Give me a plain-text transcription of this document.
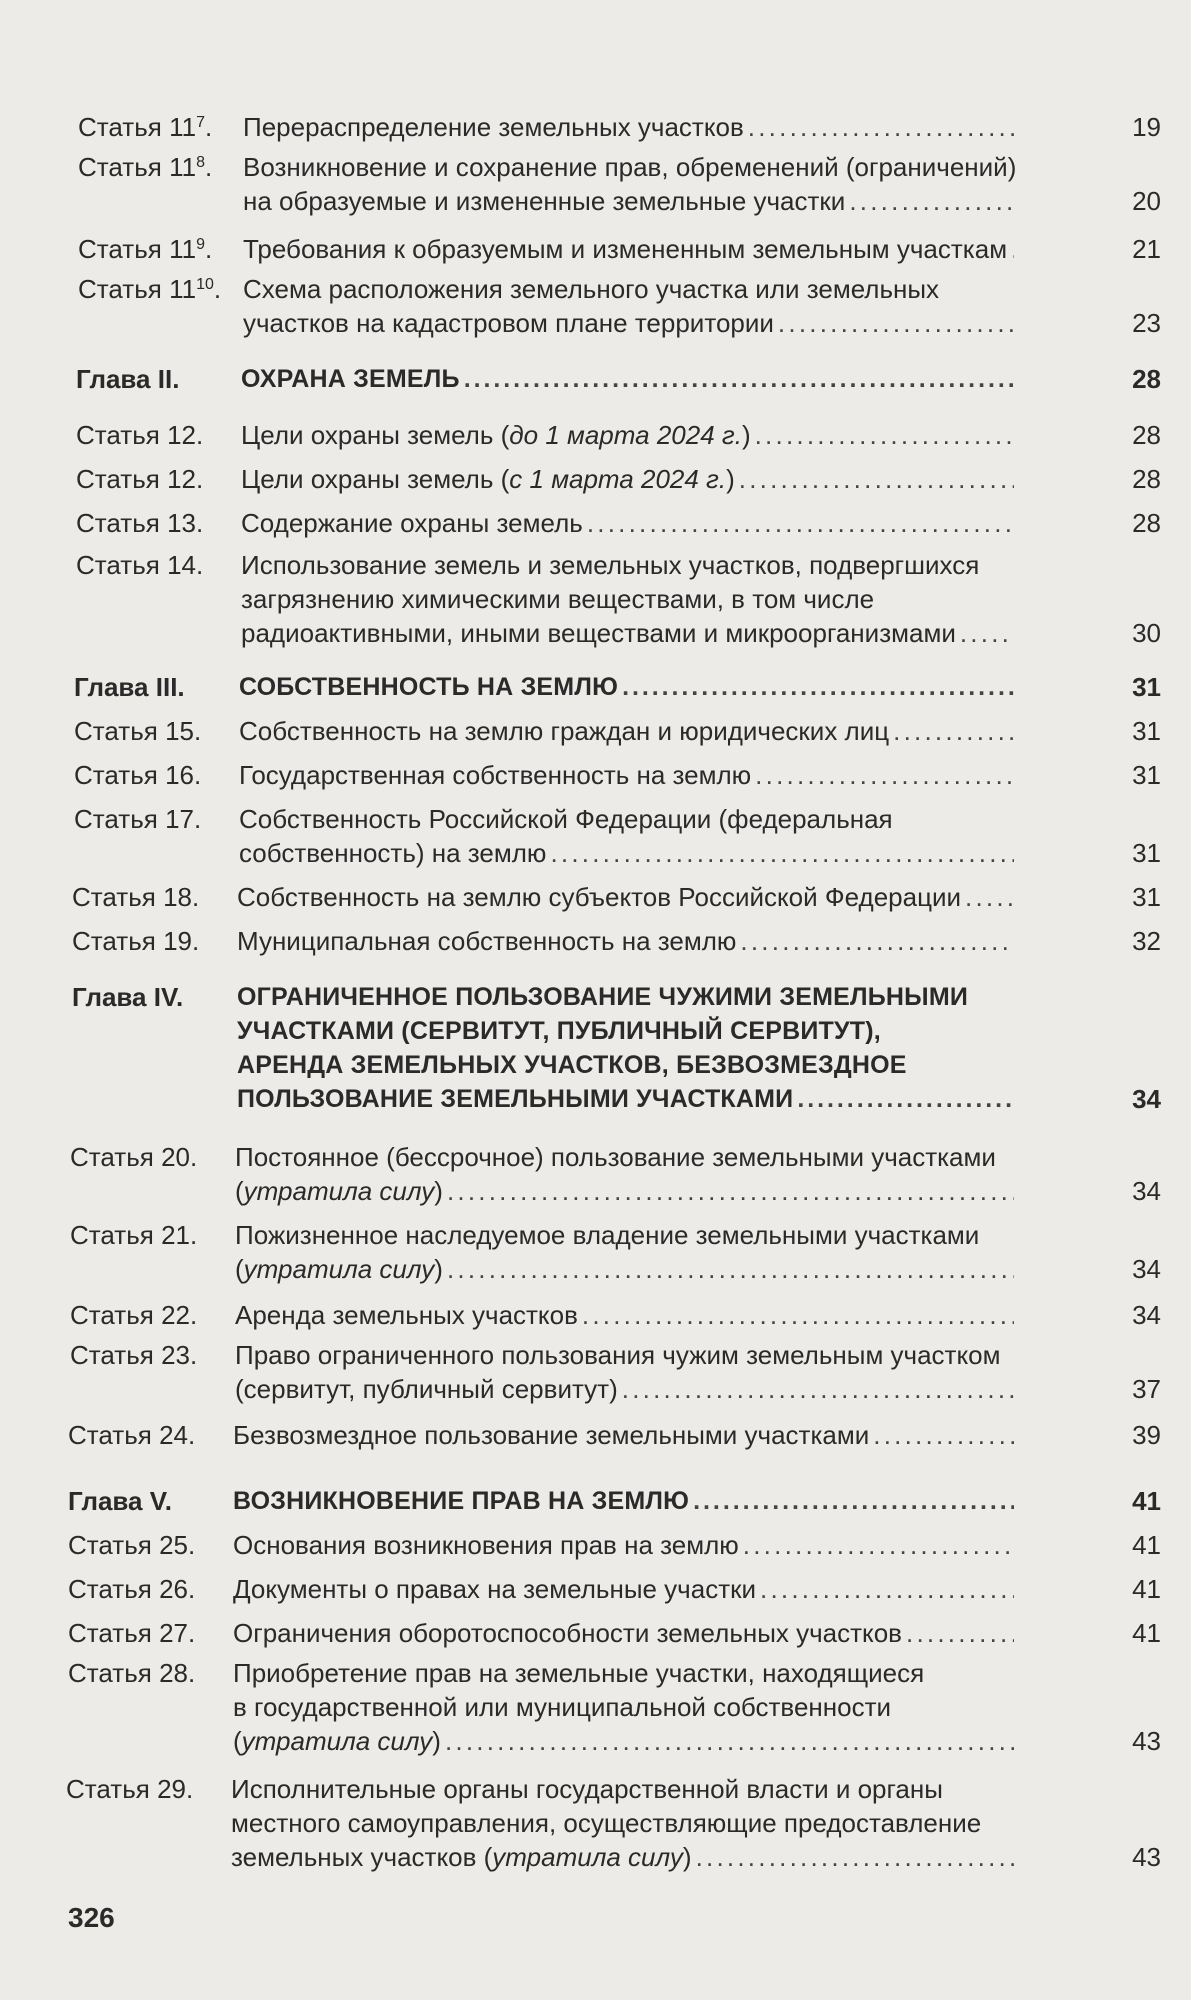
Статья $11^7$. Перераспределение земельных участков . . .	19
Статья $11^8$. Возникновение и сохранение прав, обременений (ограничений)
на образуемые и измененные земельные участки . . .	20
Статья $11^9$. Требования к образуемым и измененным земельным участкам . . .	21
Статья $11^{10}$. Схема расположения земельного участка или земельных
участков на кадастровом плане территории . . .	23
Глава II. ОХРАНА ЗЕМЕЛЬ . . .	28
Статья 12. Цели охраны земель (до 1 марта 2024 г.) . . .	28
Статья 12. Цели охраны земель (с 1 марта 2024 г.) . . .	28
Статья 13. Содержание охраны земель . . .	28
Статья 14. Использование земель и земельных участков, подвергшихся
загрязнению химическими веществами, в том числе
радиоактивными, иными веществами и микроорганизмами . . .	30
Глава III. СОБСТВЕННОСТЬ НА ЗЕМЛЮ . . .	31
Статья 15. Собственность на землю граждан и юридических лиц . . .	31
Статья 16. Государственная собственность на землю . . .	31
Статья 17. Собственность Российской Федерации (федеральная
собственность) на землю . . .	31
Статья 18. Собственность на землю субъектов Российской Федерации . . .	31
Статья 19. Муниципальная собственность на землю . . .	32
Глава IV. ОГРАНИЧЕННОЕ ПОЛЬЗОВАНИЕ ЧУЖИМИ ЗЕМЕЛЬНЫМИ
УЧАСТКАМИ (СЕРВИТУТ, ПУБЛИЧНЫЙ СЕРВИТУТ),
АРЕНДА ЗЕМЕЛЬНЫХ УЧАСТКОВ, БЕЗВОЗМЕЗДНОЕ
ПОЛЬЗОВАНИЕ ЗЕМЕЛЬНЫМИ УЧАСТКАМИ . . .	34
Статья 20. Постоянное (бессрочное) пользование земельными участками
(утратила силу) . . .	34
Статья 21. Пожизненное наследуемое владение земельными участками
(утратила силу) . . .	34
Статья 22. Аренда земельных участков . . .	34
Статья 23. Право ограниченного пользования чужим земельным участком
(сервитут, публичный сервитут) . . .	37
Статья 24. Безвозмездное пользование земельными участками . . .	39
Глава V. ВОЗНИКНОВЕНИЕ ПРАВ НА ЗЕМЛЮ . . .	41
Статья 25. Основания возникновения прав на землю . . .	41
Статья 26. Документы о правах на земельные участки . . .	41
Статья 27. Ограничения оборотоспособности земельных участков . . .	41
Статья 28. Приобретение прав на земельные участки, находящиеся
в государственной или муниципальной собственности
(утратила силу) . . .	43
Статья 29. Исполнительные органы государственной власти и органы
местного самоуправления, осуществляющие предоставление
земельных участков (утратила силу) . . .	43
326
